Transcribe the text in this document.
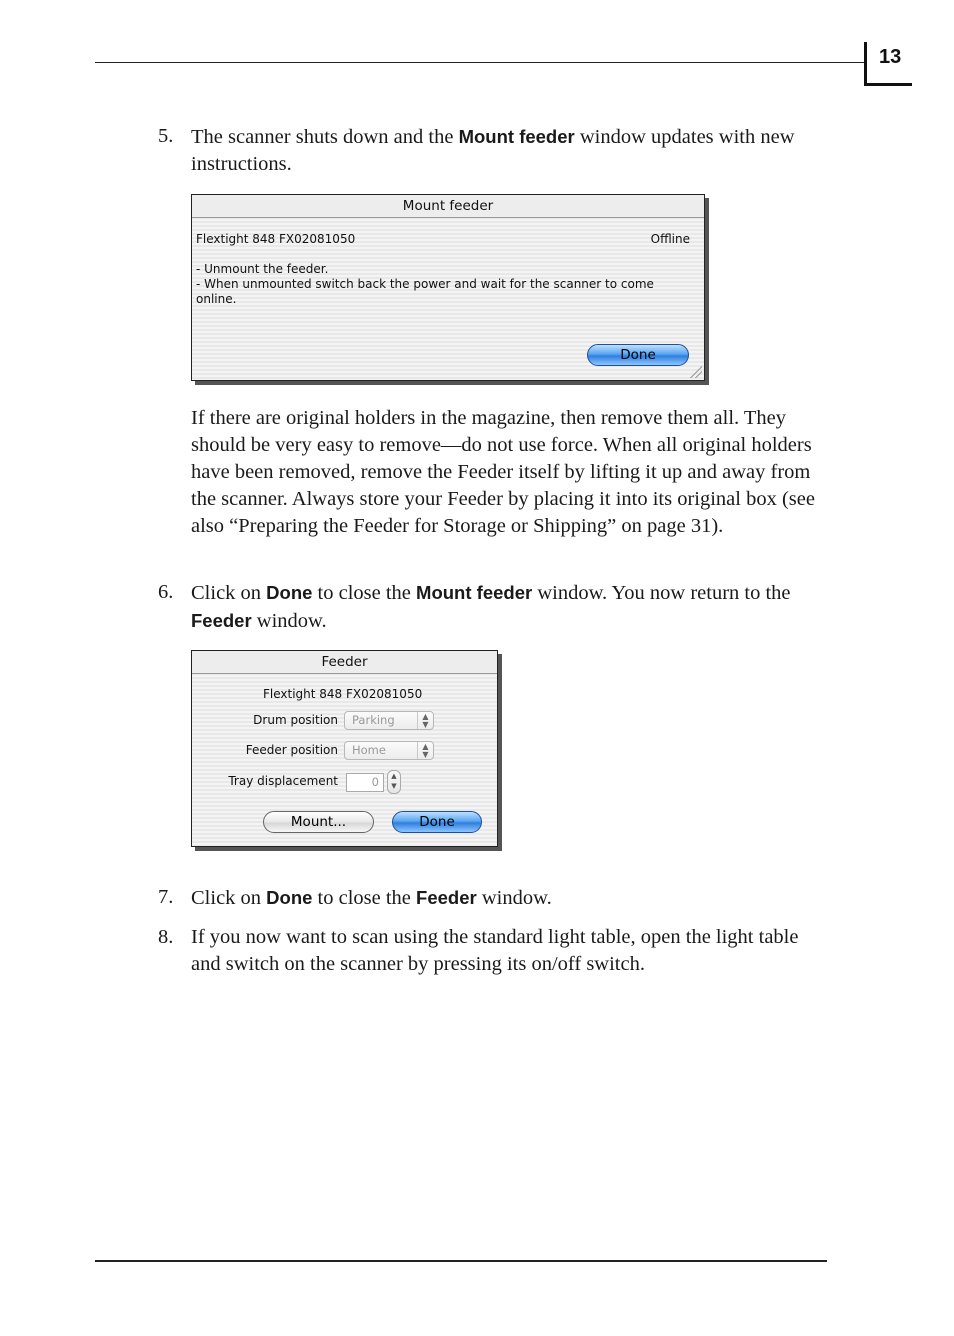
13
5. The scanner shuts down and the Mount feeder window updates with new instructions.
Mount feeder
Flextight 848 FX02081050	Offline
- Unmount the feeder.
- When unmounted switch back the power and wait for the scanner to come
online.
Done
If there are original holders in the magazine, then remove them all. They should be very easy to remove—do not use force. When all original holders have been removed, remove the Feeder itself by lifting it up and away from the scanner. Always store your Feeder by placing it into its original box (see also “Preparing the Feeder for Storage or Shipping” on page 31).
6. Click on Done to close the Mount feeder window. You now return to the Feeder window.
Feeder
Flextight 848 FX02081050
Drum position	Parking	▲
▼
Feeder position	Home	▲
▼
Tray displacement	0	▲
▼
Mount...	Done
7. Click on Done to close the Feeder window.
8. If you now want to scan using the standard light table, open the light table and switch on the scanner by pressing its on/off switch.
